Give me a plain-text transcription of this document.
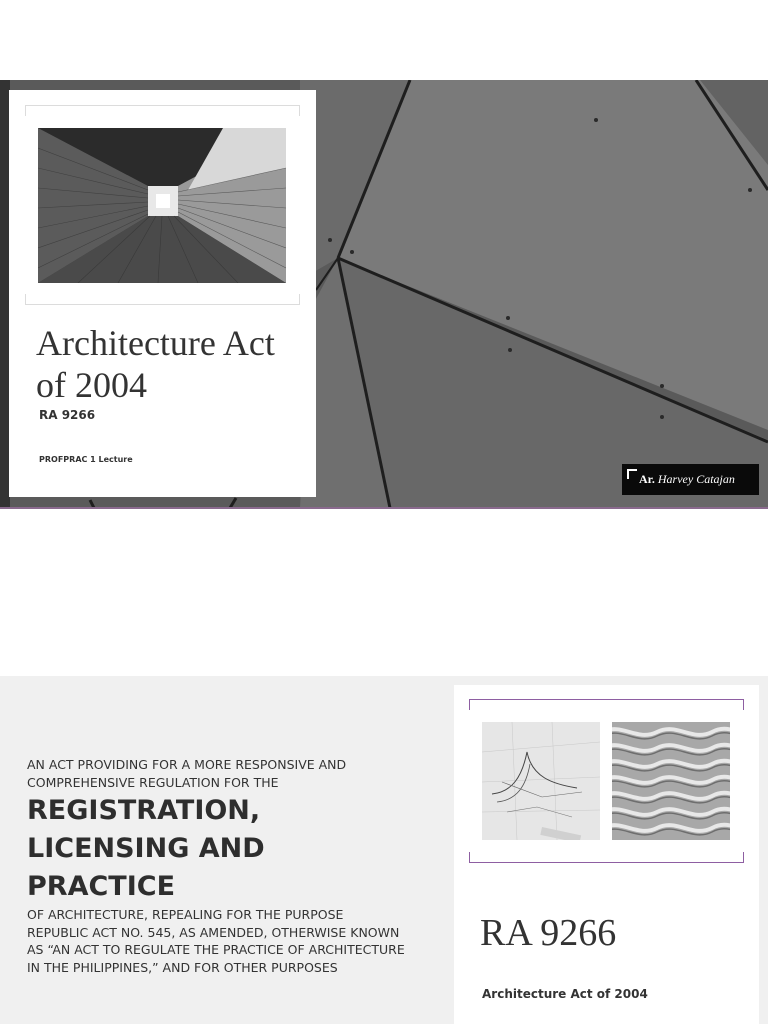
Architecture Act of 2004
RA 9266
PROFPRAC 1 Lecture
Ar. Harvey Catajan
AN ACT PROVIDING FOR A MORE RESPONSIVE AND COMPREHENSIVE REGULATION FOR THE
REGISTRATION, LICENSING AND PRACTICE
OF ARCHITECTURE, REPEALING FOR THE PURPOSE REPUBLIC ACT NO. 545, AS AMENDED, OTHERWISE KNOWN AS “AN ACT TO REGULATE THE PRACTICE OF ARCHITECTURE IN THE PHILIPPINES,” AND FOR OTHER PURPOSES
RA 9266
Architecture Act of 2004
